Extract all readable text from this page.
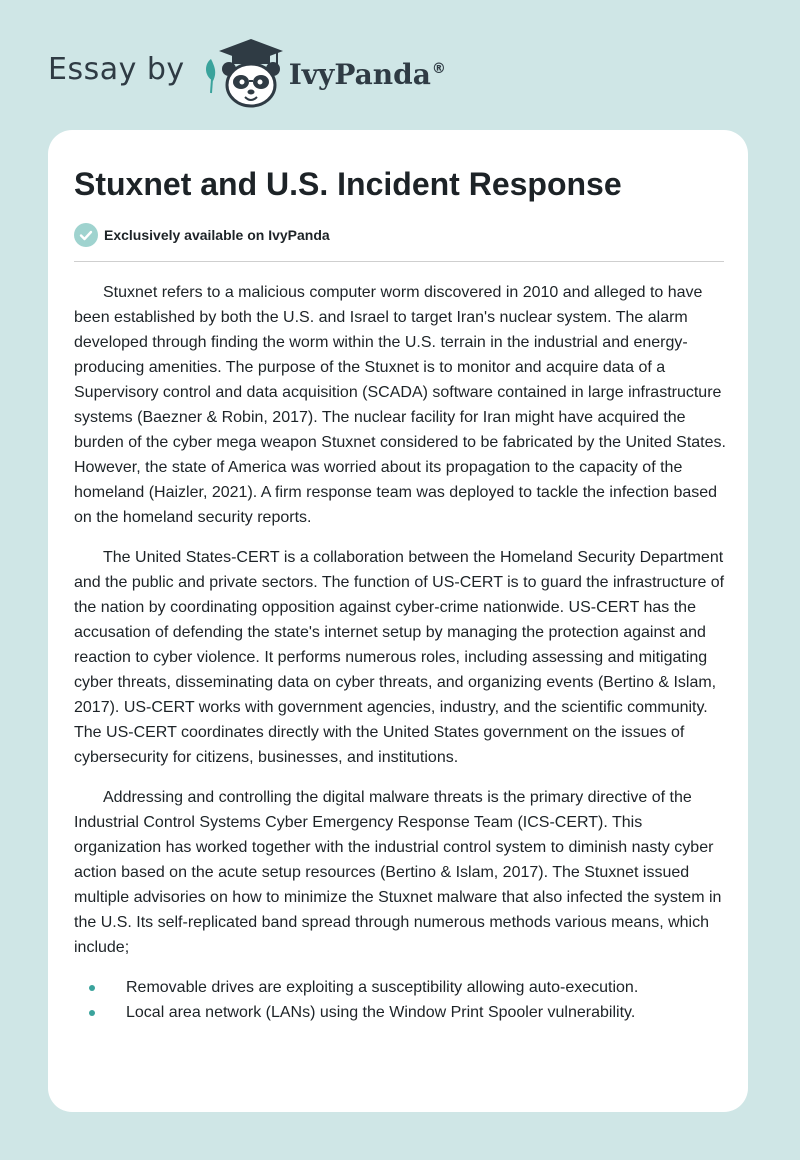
Essay by	IvyPanda®
Stuxnet and U.S. Incident Response
Exclusively available on IvyPanda

Stuxnet refers to a malicious computer worm discovered in 2010 and alleged to have been established by both the U.S. and Israel to target Iran's nuclear system. The alarm developed through finding the worm within the U.S. terrain in the industrial and energy-producing amenities. The purpose of the Stuxnet is to monitor and acquire data of a Supervisory control and data acquisition (SCADA) software contained in large infrastructure systems (Baezner & Robin, 2017). The nuclear facility for Iran might have acquired the burden of the cyber mega weapon Stuxnet considered to be fabricated by the United States. However, the state of America was worried about its propagation to the capacity of the homeland (Haizler, 2021). A firm response team was deployed to tackle the infection based on the homeland security reports.

The United States-CERT is a collaboration between the Homeland Security Department and the public and private sectors. The function of US-CERT is to guard the infrastructure of the nation by coordinating opposition against cyber-crime nationwide. US-CERT has the accusation of defending the state's internet setup by managing the protection against and reaction to cyber violence. It performs numerous roles, including assessing and mitigating cyber threats, disseminating data on cyber threats, and organizing events (Bertino & Islam, 2017). US-CERT works with government agencies, industry, and the scientific community. The US-CERT coordinates directly with the United States government on the issues of cybersecurity for citizens, businesses, and institutions.

Addressing and controlling the digital malware threats is the primary directive of the Industrial Control Systems Cyber Emergency Response Team (ICS-CERT). This organization has worked together with the industrial control system to diminish nasty cyber action based on the acute setup resources (Bertino & Islam, 2017). The Stuxnet issued multiple advisories on how to minimize the Stuxnet malware that also infected the system in the U.S. Its self-replicated band spread through numerous methods various means, which include;

Removable drives are exploiting a susceptibility allowing auto-execution.
Local area network (LANs) using the Window Print Spooler vulnerability.
